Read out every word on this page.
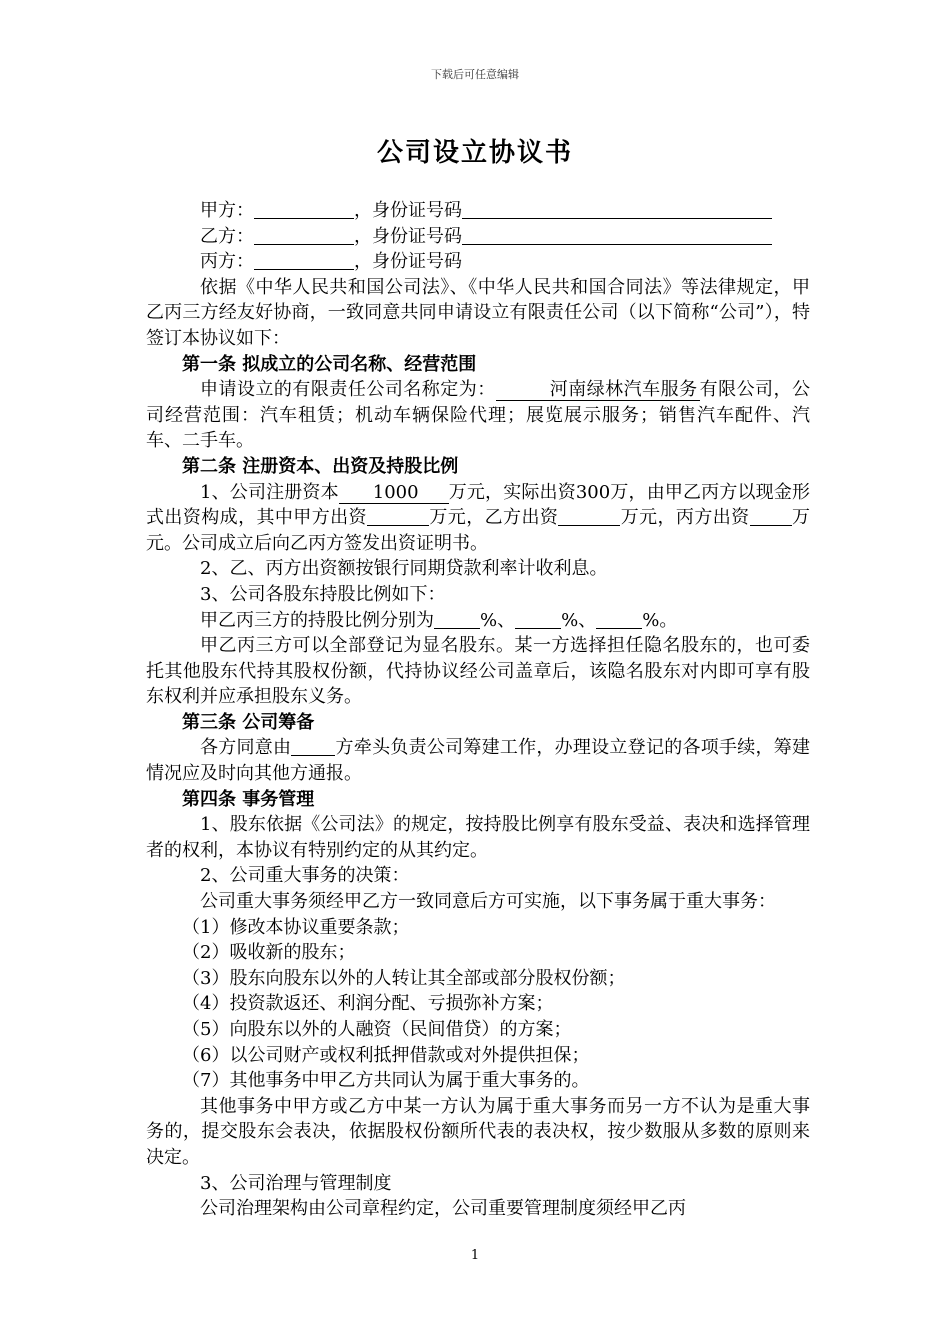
下载后可任意编辑
公司设立协议书

甲方：	，身份证号码

乙方：	，身份证号码

丙方：	，身份证号码

依据《中华人民共和国公司法》、《中华人民共和国合同法》等法律规定，甲乙丙三方经友好协商，一致同意共同申请设立有限责任公司（以下简称“公司”），特签订本协议如下：

第一条 拟成立的公司名称、经营范围

申请设立的有限责任公司名称定为：	河南绿林汽车服务 有限公司，公司经营范围：汽车租赁；机动车辆保险代理；展览展示服务；销售汽车配件、汽车、二手车。

第二条 注册资本、出资及持股比例

1、公司注册资本 1000 万元，实际出资300万，由甲乙丙方以现金形式出资构成，其中甲方出资	万元，乙方出资	万元，丙方出资 万元。公司成立后向乙丙方签发出资证明书。

2、乙、丙方出资额按银行同期贷款利率计收利息。

3、公司各股东持股比例如下：

甲乙丙三方的持股比例分别为	%、	%、	%。

甲乙丙三方可以全部登记为显名股东。某一方选择担任隐名股东的，也可委托其他股东代持其股权份额，代持协议经公司盖章后，该隐名股东对内即可享有股东权利并应承担股东义务。

第三条 公司筹备

各方同意由 方牵头负责公司筹建工作，办理设立登记的各项手续，筹建情况应及时向其他方通报。

第四条 事务管理

1、股东依据《公司法》的规定，按持股比例享有股东受益、表决和选择管理者的权利，本协议有特别约定的从其约定。

2、公司重大事务的决策：

公司重大事务须经甲乙方一致同意后方可实施，以下事务属于重大事务：

（1）修改本协议重要条款；

（2）吸收新的股东；

（3）股东向股东以外的人转让其全部或部分股权份额；

（4）投资款返还、利润分配、亏损弥补方案；

（5）向股东以外的人融资（民间借贷）的方案；

（6）以公司财产或权利抵押借款或对外提供担保；

（7）其他事务中甲乙方共同认为属于重大事务的。

其他事务中甲方或乙方中某一方认为属于重大事务而另一方不认为是重大事务的，提交股东会表决，依据股权份额所代表的表决权，按少数服从多数的原则来决定。

3、公司治理与管理制度

公司治理架构由公司章程约定，公司重要管理制度须经甲乙丙

1
